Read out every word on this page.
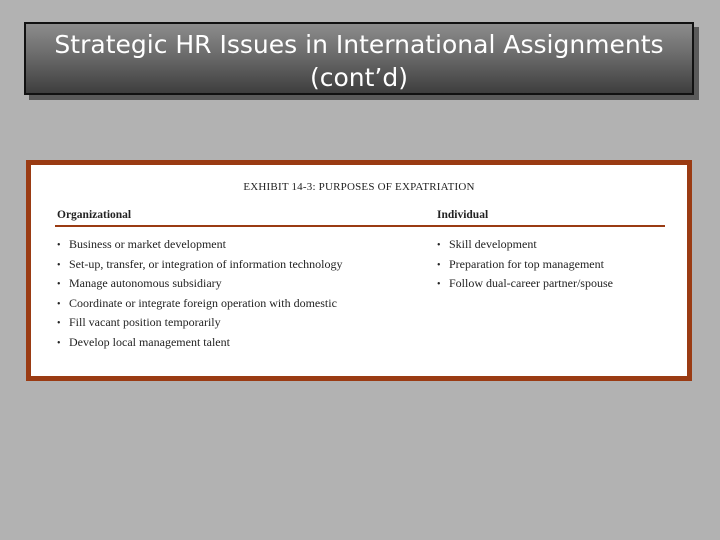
Strategic HR Issues in International Assignments
(cont’d)
EXHIBIT 14-3: PURPOSES OF EXPATRIATION
Organizational	Individual
• Business or market development
• Set-up, transfer, or integration of information technology
• Manage autonomous subsidiary
• Coordinate or integrate foreign operation with domestic
• Fill vacant position temporarily
• Develop local management talent
• Skill development
• Preparation for top management
• Follow dual-career partner/spouse
